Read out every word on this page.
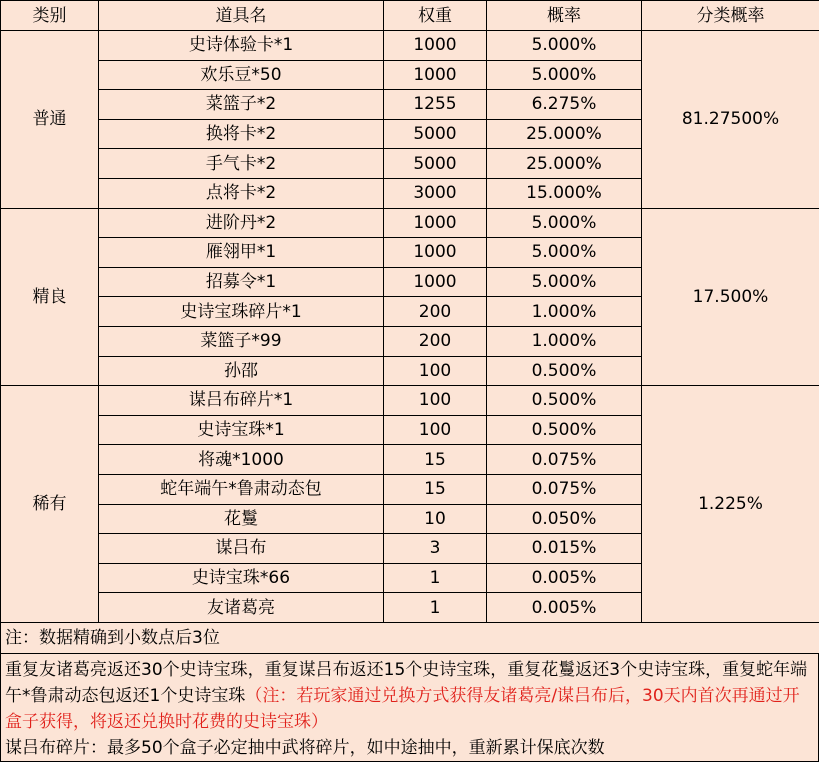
类别	道具名	权重	概率	分类概率
普通	史诗体验卡*1	1000	5.000%	81.27500%
	欢乐豆*50	1000	5.000%	
	菜篮子*2	1255	6.275%	
	换将卡*2	5000	25.000%	
	手气卡*2	5000	25.000%	
	点将卡*2	3000	15.000%	
精良	进阶丹*2	1000	5.000%	17.500%
	雁翎甲*1	1000	5.000%	
	招募令*1	1000	5.000%	
	史诗宝珠碎片*1	200	1.000%	
	菜篮子*99	200	1.000%	
	孙邵	100	0.500%	
稀有	谋吕布碎片*1	100	0.500%	1.225%
	史诗宝珠*1	100	0.500%	
	将魂*1000	15	0.075%	
	蛇年端午*鲁肃动态包	15	0.075%	
	花鬘	10	0.050%	
	谋吕布	3	0.015%	
	史诗宝珠*66	1	0.005%	
	友诸葛亮	1	0.005%	
注：数据精确到小数点后3位				

重复友诸葛亮返还30个史诗宝珠，重复谋吕布返还15个史诗宝珠，重复花鬘返还3个史诗宝珠，重复蛇年端午*鲁肃动态包返还1个史诗宝珠（注：若玩家通过兑换方式获得友诸葛亮/谋吕布后，30天内首次再通过开盒子获得，将返还兑换时花费的史诗宝珠）

谋吕布碎片：最多50个盒子必定抽中武将碎片，如中途抽中，重新累计保底次数
